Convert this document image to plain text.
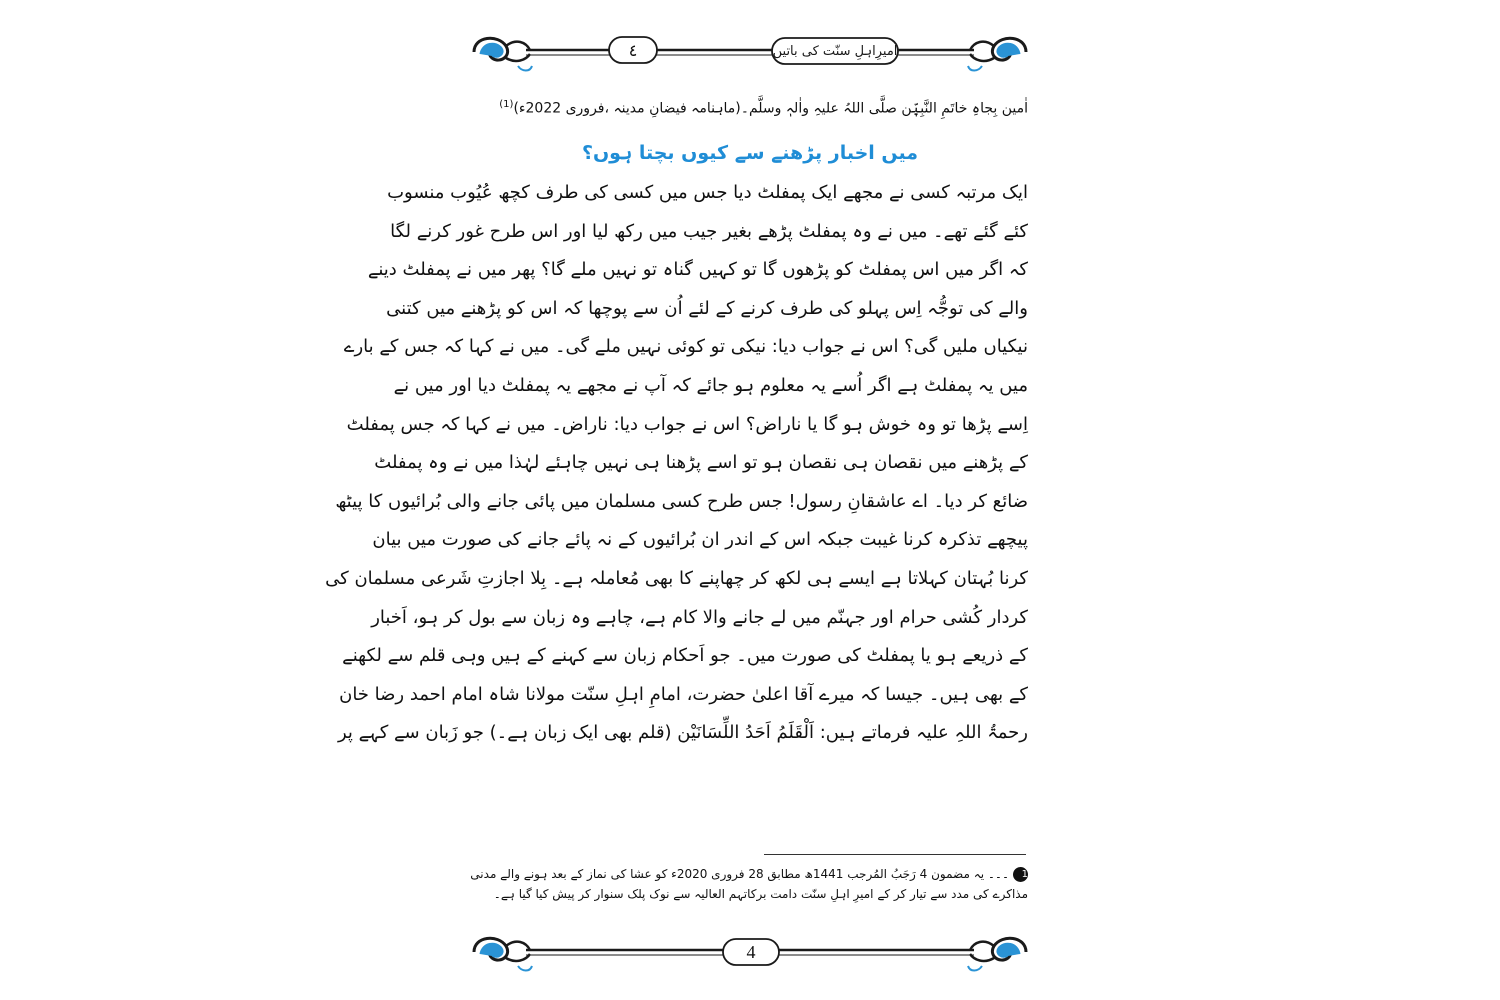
٤	امیرِاہلِ سنّت کی باتیں
اٰمین بِجاہِ خاتَمِ النَّبِیّٖن صلَّی اللہُ علیہِ واٰلہٖ وسلَّم۔(ماہنامہ فیضانِ مدینہ ،فروری 2022ء)$^{(1)}$
میں اخبار پڑھنے سے کیوں بچتا ہوں؟
ایک مرتبہ کسی نے مجھے ایک پمفلٹ دیا جس میں کسی کی طرف کچھ عُیُوب منسوب
کئے گئے تھے۔ میں نے وہ پمفلٹ پڑھے بغیر جیب میں رکھ لیا اور اس طرح غور کرنے لگا
کہ اگر میں اس پمفلٹ کو پڑھوں گا تو کہیں گناہ تو نہیں ملے گا؟ پھر میں نے پمفلٹ دینے
والے کی توجُّہ اِس پہلو کی طرف کرنے کے لئے اُن سے پوچھا کہ اس کو پڑھنے میں کتنی
نیکیاں ملیں گی؟ اس نے جواب دیا: نیکی تو کوئی نہیں ملے گی۔ میں نے کہا کہ جس کے بارے
میں یہ پمفلٹ ہے اگر اُسے یہ معلوم ہو جائے کہ آپ نے مجھے یہ پمفلٹ دیا اور میں نے
اِسے پڑھا تو وہ خوش ہو گا یا ناراض؟ اس نے جواب دیا: ناراض۔ میں نے کہا کہ جس پمفلٹ
کے پڑھنے میں نقصان ہی نقصان ہو تو اسے پڑھنا ہی نہیں چاہئے لہٰذا میں نے وہ پمفلٹ
ضائع کر دیا۔ اے عاشقانِ رسول! جس طرح کسی مسلمان میں پائی جانے والی بُرائیوں کا پیٹھ
پیچھے تذکرہ کرنا غیبت جبکہ اس کے اندر ان بُرائیوں کے نہ پائے جانے کی صورت میں بیان
کرنا بُہتان کہلاتا ہے ایسے ہی لکھ کر چھاپنے کا بھی مُعاملہ ہے۔ بِلا اجازتِ شَرعی مسلمان کی
کردار کُشی حرام اور جہنّم میں لے جانے والا کام ہے، چاہے وہ زبان سے بول کر ہو، اَخبار
کے ذریعے ہو یا پمفلٹ کی صورت میں۔ جو اَحکام زبان سے کہنے کے ہیں وہی قلم سے لکھنے
کے بھی ہیں۔ جیسا کہ میرے آقا اعلیٰ حضرت، امامِ اہلِ سنّت مولانا شاہ امام احمد رضا خان
رحمۃُ اللہِ علیہ فرماتے ہیں: اَلْقَلَمُ اَحَدُ اللِّسَانَیْن (قلم بھی ایک زبان ہے۔) جو زَبان سے کہے پر
1۔۔۔ یہ مضمون 4 رَجَبُ المُرجب 1441ھ مطابق 28 فروری 2020ء کو عشا کی نماز کے بعد ہونے والے مدنی
مذاکرے کی مدد سے تیار کر کے امیرِ اہلِ سنّت دامت برکاتہم العالیہ سے نوک پلک سنوار کر پیش کیا گیا ہے۔
4
